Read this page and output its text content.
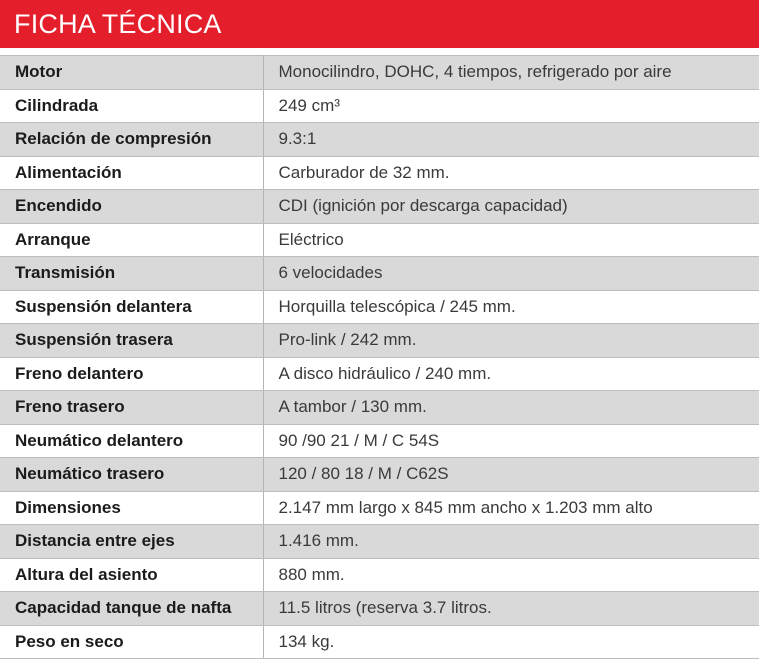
FICHA TÉCNICA
Motor	Monocilindro, DOHC, 4 tiempos, refrigerado por aire
Cilindrada	249 cm³
Relación de compresión	9.3:1
Alimentación	Carburador de 32 mm.
Encendido	CDI (ignición por descarga capacidad)
Arranque	Eléctrico
Transmisión	6 velocidades
Suspensión delantera	Horquilla telescópica / 245 mm.
Suspensión trasera	Pro-link / 242 mm.
Freno delantero	A disco hidráulico / 240 mm.
Freno trasero	A tambor / 130 mm.
Neumático delantero	90 /90 21 / M / C 54S
Neumático trasero	120 / 80 18 / M / C62S
Dimensiones	2.147 mm largo x 845 mm ancho x 1.203 mm alto
Distancia entre ejes	1.416 mm.
Altura del asiento	880 mm.
Capacidad tanque de nafta	11.5 litros (reserva 3.7 litros.
Peso en seco	134 kg.
